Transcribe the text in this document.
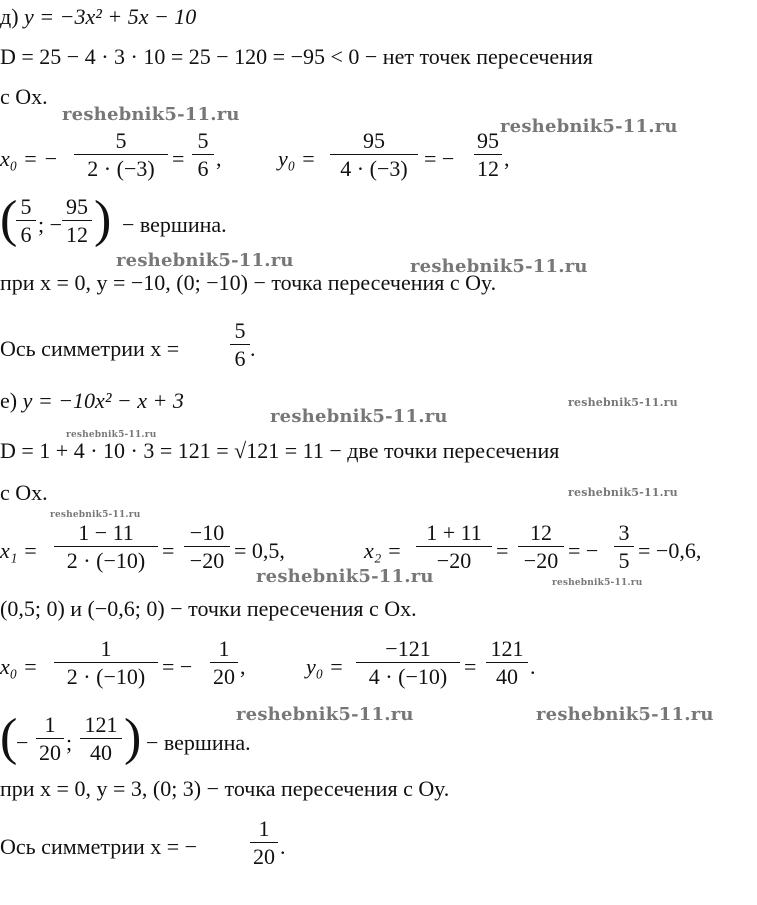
д) y = −3x² + 5x − 10
D = 25 − 4 · 3 · 10 = 25 − 120 = −95 < 0 − нет точек пересечения
с Ox.
x₀ = − $\frac{5}{2 \cdot (-3)} = \frac{5}{6}$ ,	$y_0 = \frac{95}{4 \cdot (-3)}$ = − $\frac{95}{12}$ ,
(
$\frac{5}{6}$ ; − $\frac{95}{12}$ ) − вершина.
при x = 0, y = −10, (0; −10) − точка пересечения с Oy.
Ось симметрии $x = \frac{5}{6}$ .
е) y = −10x² − x + 3
D = 1 + 4 · 10 · 3 = 121 = √121 = 11 − две точки пересечения
с Ox.
$x_1 = \frac{1 - 11}{2 \cdot (-10)} = \frac{-10}{-20} = 0,5$,	$x_2 = \frac{1 + 11}{-20} = \frac{12}{-20}$ = − $\frac{3}{5} = -0,6$,
(0,5; 0) и (−0,6; 0) − точки пересечения с Ox.
$x_0 = \frac{1}{2 \cdot (-10)}$ = − $\frac{1}{20}$ ,	$y_0 = \frac{-121}{4 \cdot (-10)} = \frac{121}{40}$ .
(
− $\frac{1}{20}$ ; $\frac{121}{40}$ ) − вершина.
при x = 0, y = 3, (0; 3) − точка пересечения с Oy.
Ось симметрии x = − $\frac{1}{20}$ .
reshebnik5-11.ru
reshebnik5-11.ru
reshebnik5-11.ru	reshebnik5-11.ru
reshebnik5-11.ru
reshebnik5-11.ru
reshebnik5-11.ru
reshebnik5-11.ru
reshebnik5-11.ru
reshebnik5-11.ru	reshebnik5-11.ru
reshebnik5-11.ru	reshebnik5-11.ru
